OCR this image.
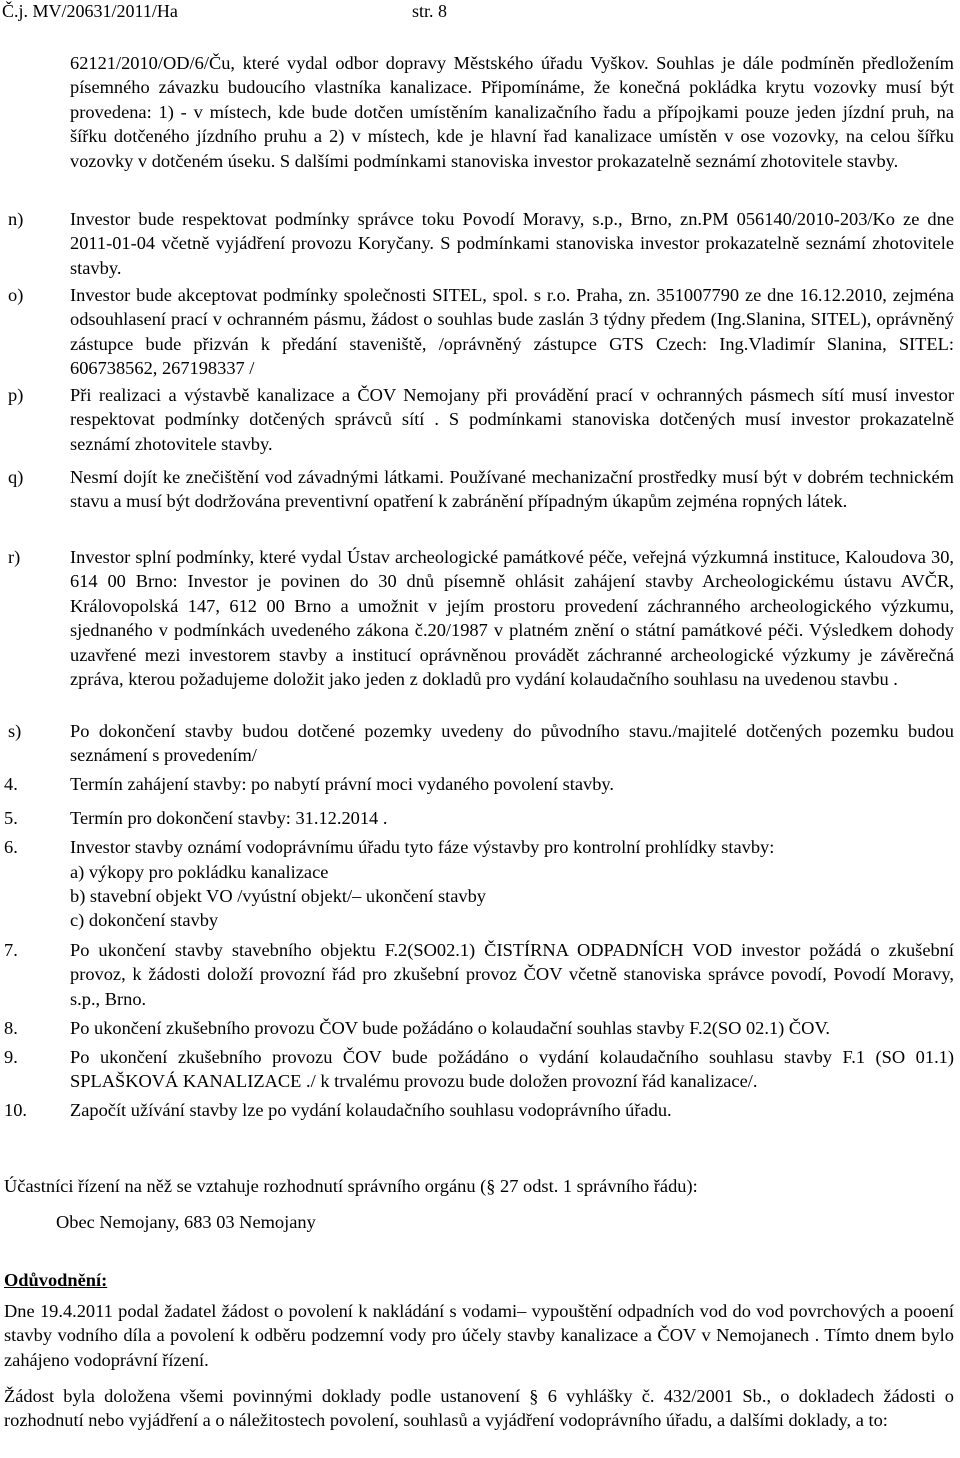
Č.j. MV/20631/2011/Ha	str. 8
62121/2010/OD/6/Ču, které vydal odbor dopravy Městského úřadu Vyškov. Souhlas je dále podmíněn předložením písemného závazku budoucího vlastníka kanalizace. Připomínáme, že konečná pokládka krytu vozovky musí být provedena: 1) - v místech, kde bude dotčen umístěním kanalizačního řadu a přípojkami pouze jeden jízdní pruh, na šířku dotčeného jízdního pruhu a 2) v místech, kde je hlavní řad kanalizace umístěn v ose vozovky, na celou šířku vozovky v dotčeném úseku. S dalšími podmínkami stanoviska investor prokazatelně seznámí zhotovitele stavby.
n)	Investor bude respektovat podmínky správce toku Povodí Moravy, s.p., Brno, zn.PM 056140/2010-203/Ko ze dne 2011-01-04 včetně vyjádření provozu Koryčany. S podmínkami stanoviska investor prokazatelně seznámí zhotovitele stavby.
o)	Investor bude akceptovat podmínky společnosti SITEL, spol. s r.o. Praha, zn. 351007790 ze dne 16.12.2010, zejména odsouhlasení prací v ochranném pásmu, žádost o souhlas bude zaslán 3 týdny předem (Ing.Slanina, SITEL), oprávněný zástupce bude přizván k předání staveniště, /oprávněný zástupce GTS Czech: Ing.Vladimír Slanina, SITEL: 606738562, 267198337 /
p)	Při realizaci a výstavbě kanalizace a ČOV Nemojany při provádění prací v ochranných pásmech sítí musí investor respektovat podmínky dotčených správců sítí . S podmínkami stanoviska dotčených musí investor prokazatelně seznámí zhotovitele stavby.
q)	Nesmí dojít ke znečištění vod závadnými látkami. Používané mechanizační prostředky musí být v dobrém technickém stavu a musí být dodržována preventivní opatření k zabránění případným úkapům zejména ropných látek.
r)	Investor splní podmínky, které vydal Ústav archeologické památkové péče, veřejná výzkumná instituce, Kaloudova 30, 614 00 Brno: Investor je povinen do 30 dnů písemně ohlásit zahájení stavby Archeologickému ústavu AVČR, Královopolská 147, 612 00 Brno a umožnit v jejím prostoru provedení záchranného archeologického výzkumu, sjednaného v podmínkách uvedeného zákona č.20/1987 v platném znění o státní památkové péči. Výsledkem dohody uzavřené mezi investorem stavby a institucí oprávněnou provádět záchranné archeologické výzkumy je závěrečná zpráva, kterou požadujeme doložit jako jeden z dokladů pro vydání kolaudačního souhlasu na uvedenou stavbu .
s)	Po dokončení stavby budou dotčené pozemky uvedeny do původního stavu./majitelé dotčených pozemku budou seznámení s provedením/
4.	Termín zahájení stavby: po nabytí právní moci vydaného povolení stavby.
5.	Termín pro dokončení stavby: 31.12.2014 .
6.	Investor stavby oznámí vodoprávnímu úřadu tyto fáze výstavby pro kontrolní prohlídky stavby:
a) výkopy pro pokládku kanalizace
b) stavební objekt VO /vyústní objekt/– ukončení stavby
c) dokončení stavby
7.	Po ukončení stavby stavebního objektu F.2(SO02.1) ČISTÍRNA ODPADNÍCH VOD investor požádá o zkušební provoz, k žádosti doloží provozní řád pro zkušební provoz ČOV včetně stanoviska správce povodí, Povodí Moravy, s.p., Brno.
8.	Po ukončení zkušebního provozu ČOV bude požádáno o kolaudační souhlas stavby F.2(SO 02.1) ČOV.
9.	Po ukončení zkušebního provozu ČOV bude požádáno o vydání kolaudačního souhlasu stavby F.1 (SO 01.1) SPLAŠKOVÁ KANALIZACE ./ k trvalému provozu bude doložen provozní řád kanalizace/.
10. Započít užívání stavby lze po vydání kolaudačního souhlasu vodoprávního úřadu.
Účastníci řízení na něž se vztahuje rozhodnutí správního orgánu (§ 27 odst. 1 správního řádu):
Obec Nemojany, 683 03 Nemojany
Odůvodnění:
Dne 19.4.2011 podal žadatel žádost o povolení k nakládání s vodami– vypouštění odpadních vod do vod povrchových a pooení stavby vodního díla a povolení k odběru podzemní vody pro účely stavby kanalizace a ČOV v Nemojanech . Tímto dnem bylo zahájeno vodoprávní řízení.
Žádost byla doložena všemi povinnými doklady podle ustanovení § 6 vyhlášky č. 432/2001 Sb., o dokladech žádosti o rozhodnutí nebo vyjádření a o náležitostech povolení, souhlasů a vyjádření vodoprávního úřadu, a dalšími doklady, a to:
